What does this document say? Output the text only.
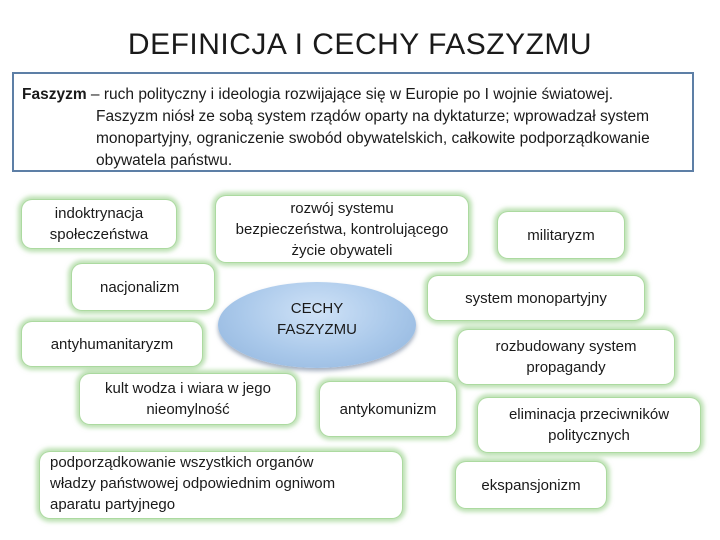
DEFINICJA I CECHY FASZYZMU
Faszyzm – ruch polityczny i ideologia rozwijające się w Europie po I wojnie światowej.
Faszyzm niósł ze sobą system rządów oparty na dyktaturze; wprowadzał system
monopartyjny, ograniczenie swobód obywatelskich, całkowite podporządkowanie
obywatela państwu.
indoktrynacja
społeczeństwa
rozwój systemu
bezpieczeństwa, kontrolującego
życie obywateli
militaryzm
nacjonalizm
system monopartyjny
antyhumanitaryzm
CECHY
FASZYZMU
rozbudowany system
propagandy
kult wodza i wiara w jego
nieomylność	antykomunizm	eliminacja przeciwników
politycznych
podporządkowanie wszystkich organów
władzy państwowej odpowiednim ogniwom
aparatu partyjnego
ekspansjonizm
